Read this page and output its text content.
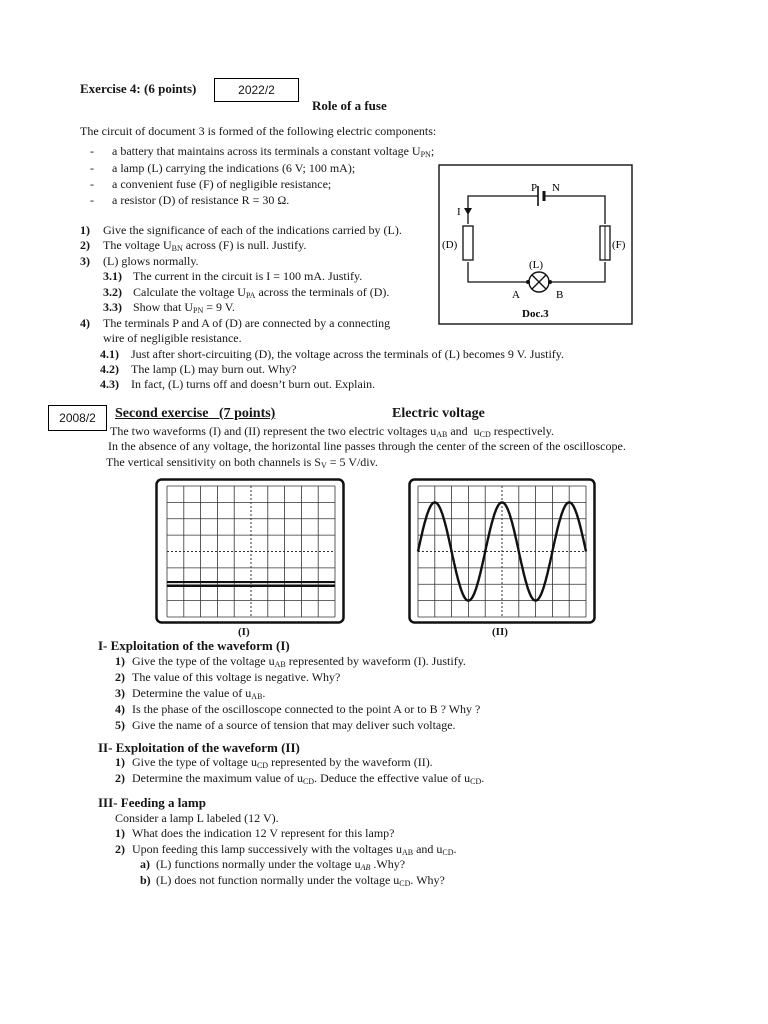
Exercise 4: (6 points)	2022/2
Role of a fuse
The circuit of document 3 is formed of the following electric components:
- a battery that maintains across its terminals a constant voltage $U_{PN}$;
- a lamp (L) carrying the indications (6 V; 100 mA);
- a convenient fuse (F) of negligible resistance;
- a resistor (D) of resistance R = 30 Ω.
1) Give the significance of each of the indications carried by (L).
2) The voltage $U_{BN}$ across (F) is null. Justify.
3) (L) glows normally.
3.1) The current in the circuit is I = 100 mA. Justify.
3.2) Calculate the voltage $U_{PA}$ across the terminals of (D).
3.3) Show that $U_{PN} = 9$ V.
4) The terminals P and A of (D) are connected by a connecting
wire of negligible resistance.
4.1) Just after short-circuiting (D), the voltage across the terminals of (L) becomes 9 V. Justify.
4.2) The lamp (L) may burn out. Why?
4.3) In fact, (L) turns off and doesn’t burn out. Explain.
P N
I
(D)	(F)
(L)
A	B
Doc.3
2008/2 Second exercise   (7 points)	Electric voltage
The two waveforms (I) and (II) represent the two electric voltages $u_{AB}$ and  $u_{CD}$ respectively.
In the absence of any voltage, the horizontal line passes through the center of the screen of the oscilloscope.
The vertical sensitivity on both channels is $S_V = 5$ V/div.
(I)	(II)
I- Exploitation of the waveform (I)
1) Give the type of the voltage $u_{AB}$ represented by waveform (I). Justify.
2) The value of this voltage is negative. Why?
3) Determine the value of $u_{AB}$.
4) Is the phase of the oscilloscope connected to the point A or to B ? Why ?
5) Give the name of a source of tension that may deliver such voltage.
II- Exploitation of the waveform (II)
1) Give the type of voltage $u_{CD}$ represented by the waveform (II).
2) Determine the maximum value of $u_{CD}$. Deduce the effective value of $u_{CD}$.
III- Feeding a lamp
Consider a lamp L labeled (12 V).
1) What does the indication 12 V represent for this lamp?
2) Upon feeding this lamp successively with the voltages $u_{AB}$ and $u_{CD}$.
a) (L) functions normally under the voltage $u_{AB}$ .Why?
b) (L) does not function normally under the voltage $u_{CD}$. Why?
